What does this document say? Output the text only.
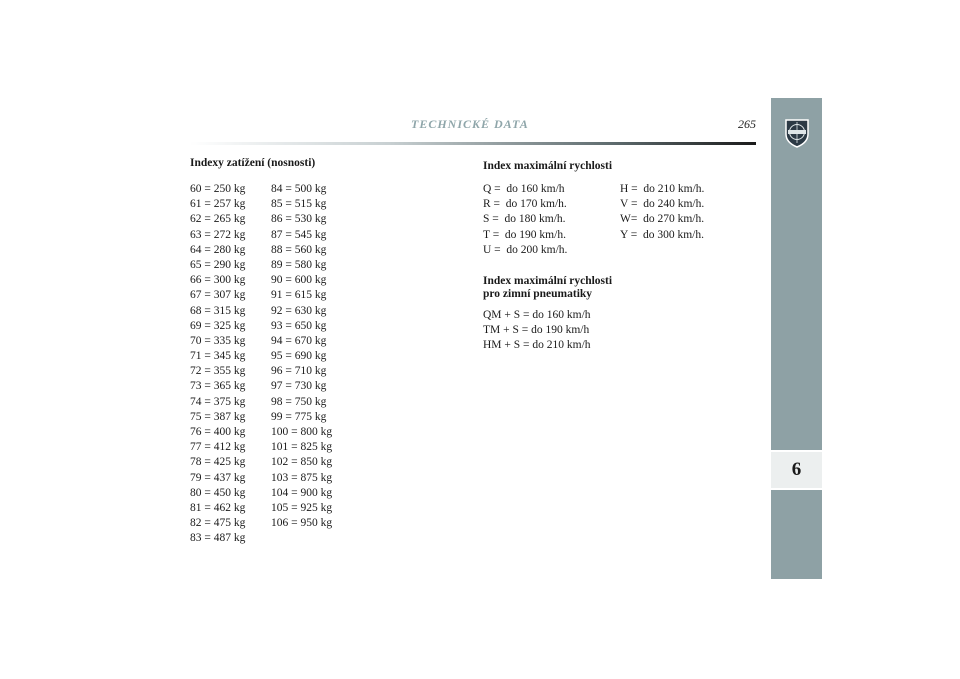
TECHNICKÉ DATA	265
6
Indexy zatížení (nosnosti)
60 = 250 kg
61 = 257 kg
62 = 265 kg
63 = 272 kg
64 = 280 kg
65 = 290 kg
66 = 300 kg
67 = 307 kg
68 = 315 kg
69 = 325 kg
70 = 335 kg
71 = 345 kg
72 = 355 kg
73 = 365 kg
74 = 375 kg
75 = 387 kg
76 = 400 kg
77 = 412 kg
78 = 425 kg
79 = 437 kg
80 = 450 kg
81 = 462 kg
82 = 475 kg
83 = 487 kg
84 = 500 kg
85 = 515 kg
86 = 530 kg
87 = 545 kg
88 = 560 kg
89 = 580 kg
90 = 600 kg
91 = 615 kg
92 = 630 kg
93 = 650 kg
94 = 670 kg
95 = 690 kg
96 = 710 kg
97 = 730 kg
98 = 750 kg
99 = 775 kg
100 = 800 kg
101 = 825 kg
102 = 850 kg
103 = 875 kg
104 = 900 kg
105 = 925 kg
106 = 950 kg
Index maximální rychlosti
Q =  do 160 km/h
R =  do 170 km/h.
S =  do 180 km/h.
T =  do 190 km/h.
U =  do 200 km/h.
H =  do 210 km/h.
V =  do 240 km/h.
W=  do 270 km/h.
Y =  do 300 km/h.
Index maximální rychlosti
pro zimní pneumatiky
QM + S = do 160 km/h
TM + S = do 190 km/h
HM + S = do 210 km/h
